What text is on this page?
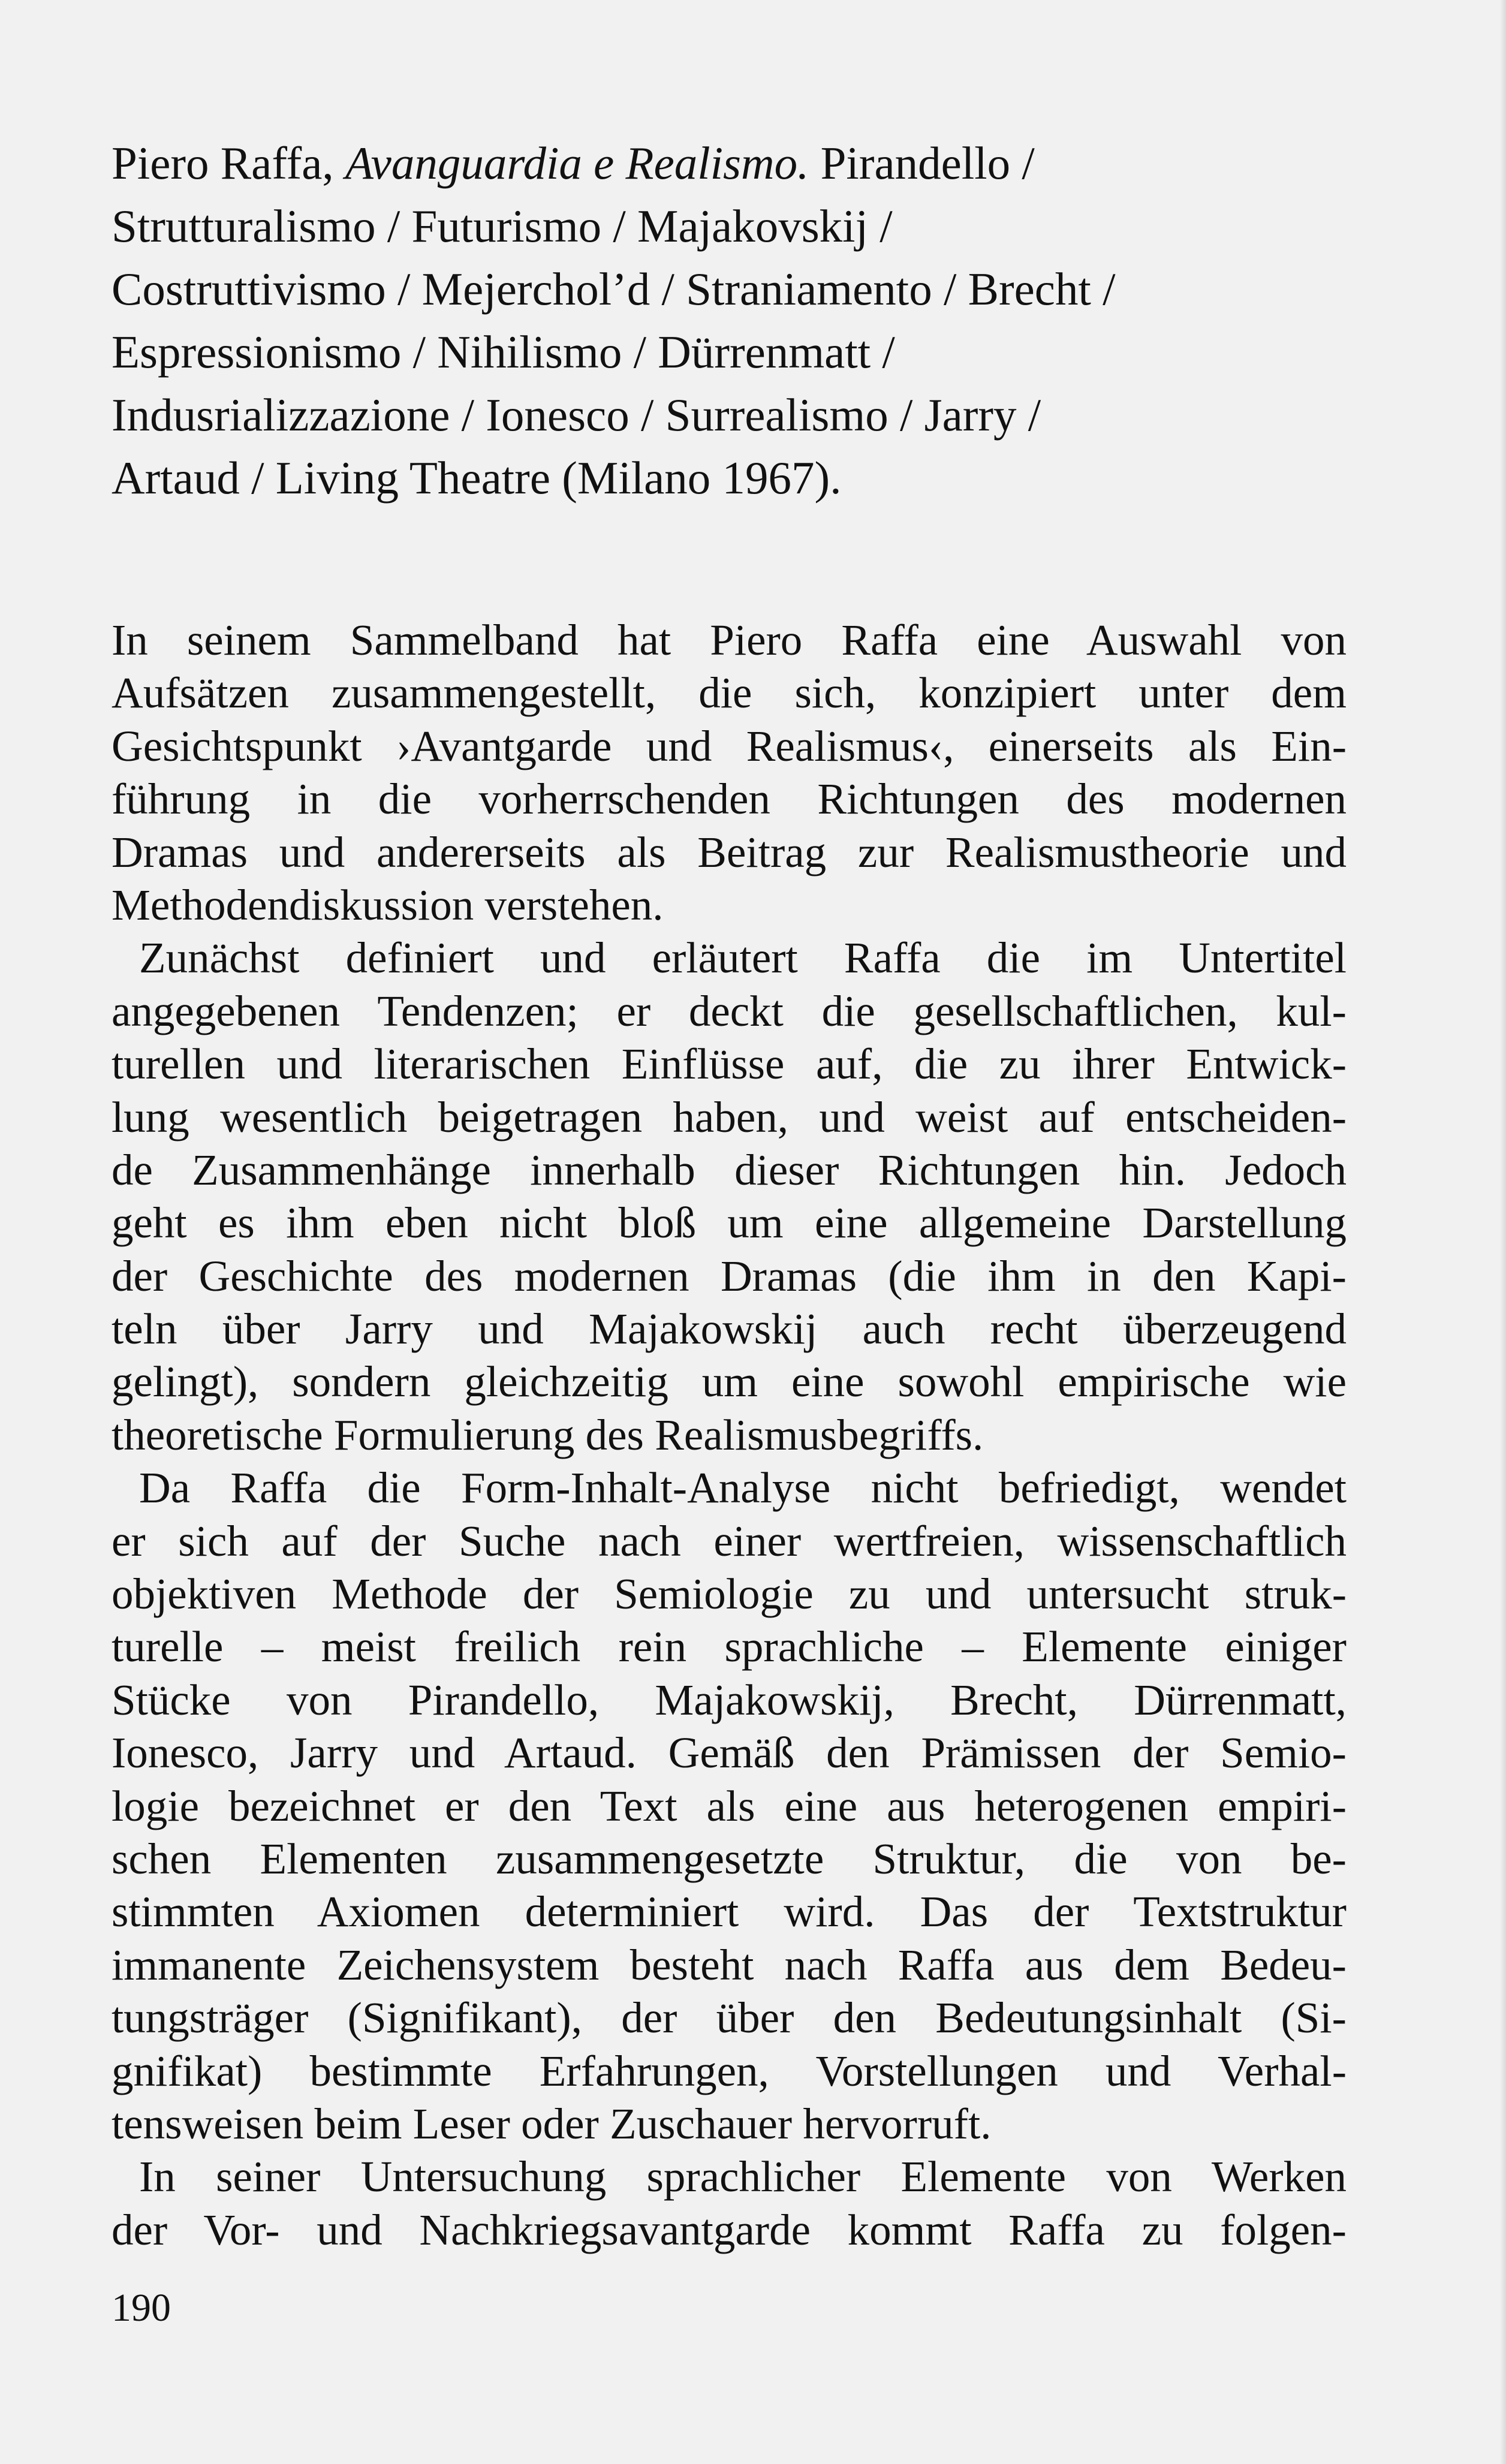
Piero Raffa, Avanguardia e Realismo. Pirandello /
Strutturalismo / Futurismo / Majakovskij /
Costruttivismo / Mejerchol’d / Straniamento / Brecht /
Espressionismo / Nihilismo / Dürrenmatt /
Indusrializzazione / Ionesco / Surrealismo / Jarry /
Artaud / Living Theatre (Milano 1967).

In seinem Sammelband hat Piero Raffa eine Auswahl von
Aufsätzen zusammengestellt, die sich, konzipiert unter dem
Gesichtspunkt ›Avantgarde und Realismus‹, einerseits als Ein-
führung in die vorherrschenden Richtungen des modernen
Dramas und andererseits als Beitrag zur Realismustheorie und
Methodendiskussion verstehen.

Zunächst definiert und erläutert Raffa die im Untertitel
angegebenen Tendenzen; er deckt die gesellschaftlichen, kul-
turellen und literarischen Einflüsse auf, die zu ihrer Entwick-
lung wesentlich beigetragen haben, und weist auf entscheiden-
de Zusammenhänge innerhalb dieser Richtungen hin. Jedoch
geht es ihm eben nicht bloß um eine allgemeine Darstellung
der Geschichte des modernen Dramas (die ihm in den Kapi-
teln über Jarry und Majakowskij auch recht überzeugend
gelingt), sondern gleichzeitig um eine sowohl empirische wie
theoretische Formulierung des Realismusbegriffs.

Da Raffa die Form-Inhalt-Analyse nicht befriedigt, wendet
er sich auf der Suche nach einer wertfreien, wissenschaftlich
objektiven Methode der Semiologie zu und untersucht struk-
turelle – meist freilich rein sprachliche – Elemente einiger
Stücke von Pirandello, Majakowskij, Brecht, Dürrenmatt,
Ionesco, Jarry und Artaud. Gemäß den Prämissen der Semio-
logie bezeichnet er den Text als eine aus heterogenen empiri-
schen Elementen zusammengesetzte Struktur, die von be-
stimmten Axiomen determiniert wird. Das der Textstruktur
immanente Zeichensystem besteht nach Raffa aus dem Bedeu-
tungsträger (Signifikant), der über den Bedeutungsinhalt (Si-
gnifikat) bestimmte Erfahrungen, Vorstellungen und Verhal-
tensweisen beim Leser oder Zuschauer hervorruft.

In seiner Untersuchung sprachlicher Elemente von Werken
der Vor- und Nachkriegsavantgarde kommt Raffa zu folgen-

190
